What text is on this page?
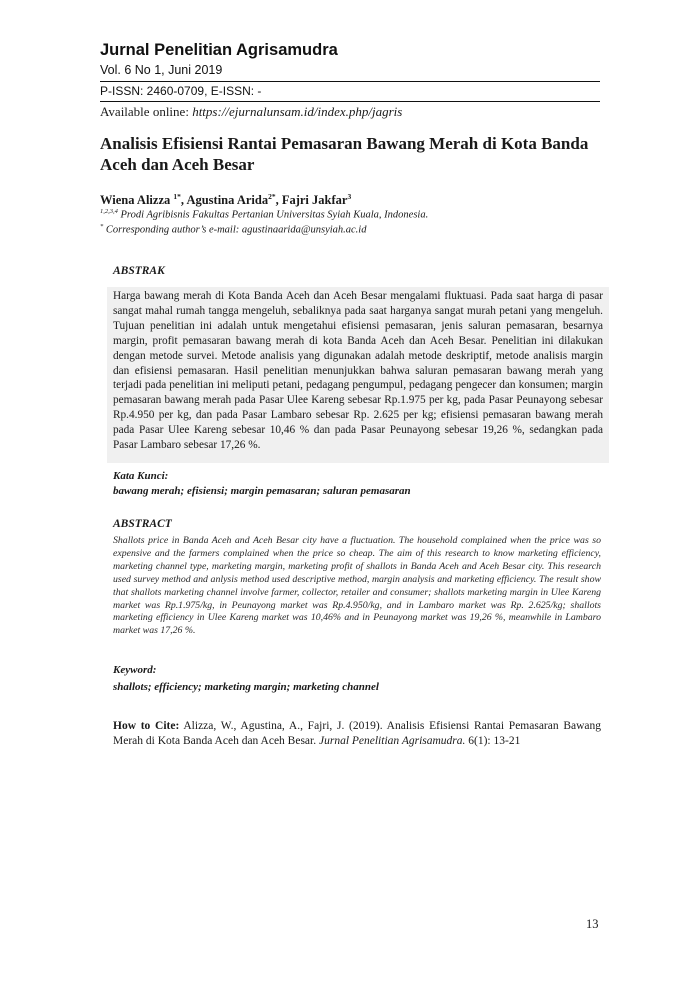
Jurnal Penelitian Agrisamudra
Vol. 6 No 1, Juni 2019
P-ISSN: 2460-0709, E-ISSN: -
Available online: https://ejurnalunsam.id/index.php/jagris
Analisis Efisiensi Rantai Pemasaran Bawang Merah di Kota Banda Aceh dan Aceh Besar
Wiena Alizza $^{1*}$, Agustina Arida$^{2*}$, Fajri Jakfar$^3$
$^{1,2,3,4}$ Prodi Agribisnis Fakultas Pertanian Universitas Syiah Kuala, Indonesia.
* Corresponding author’s e-mail: agustinaarida@unsyiah.ac.id
ABSTRAK

Harga bawang merah di Kota Banda Aceh dan Aceh Besar mengalami fluktuasi. Pada saat harga di pasar sangat mahal rumah tangga mengeluh, sebaliknya pada saat harganya sangat murah petani yang mengeluh. Tujuan penelitian ini adalah untuk mengetahui efisiensi pemasaran, jenis saluran pemasaran, besarnya margin, profit pemasaran bawang merah di kota Banda Aceh dan Aceh Besar. Penelitian ini dilakukan dengan metode survei. Metode analisis yang digunakan adalah metode deskriptif, metode analisis margin dan efisiensi pemasaran. Hasil penelitian menunjukkan bahwa saluran pemasaran bawang merah yang terjadi pada penelitian ini meliputi petani, pedagang pengumpul, pedagang pengecer dan konsumen; margin pemasaran bawang merah pada Pasar Ulee Kareng sebesar Rp.1.975 per kg, pada Pasar Peunayong sebesar Rp.4.950 per kg, dan pada Pasar Lambaro sebesar Rp. 2.625 per kg; efisiensi pemasaran bawang merah pada Pasar Ulee Kareng sebesar 10,46 % dan pada Pasar Peunayong sebesar 19,26 %, sedangkan pada Pasar Lambaro sebesar 17,26 %.

Kata Kunci:
bawang merah; efisiensi; margin pemasaran; saluran pemasaran
ABSTRACT

Shallots price in Banda Aceh and Aceh Besar city have a fluctuation. The household complained when the price was so expensive and the farmers complained when the price so cheap. The aim of this research to know marketing efficiency, marketing channel type, marketing margin, marketing profit of shallots in Banda Aceh and Aceh Besar city. This research used survey method and anlysis method used descriptive method, margin analysis and marketing efficiency. The result show that shallots marketing channel involve farmer, collector, retailer and consumer; shallots marketing margin in Ulee Kareng market was Rp.1.975/kg, in Peunayong market was Rp.4.950/kg, and in Lambaro market was Rp. 2.625/kg; shallots marketing efficiency in Ulee Kareng market was 10,46% and in Peunayong market was 19,26 %, meanwhile in Lambaro market was 17,26 %.

Keyword:
shallots; efficiency; marketing margin; marketing channel

How to Cite: Alizza, W., Agustina, A., Fajri, J. (2019). Analisis Efisiensi Rantai Pemasaran Bawang Merah di Kota Banda Aceh dan Aceh Besar. Jurnal Penelitian Agrisamudra. 6(1): 13-21

13
